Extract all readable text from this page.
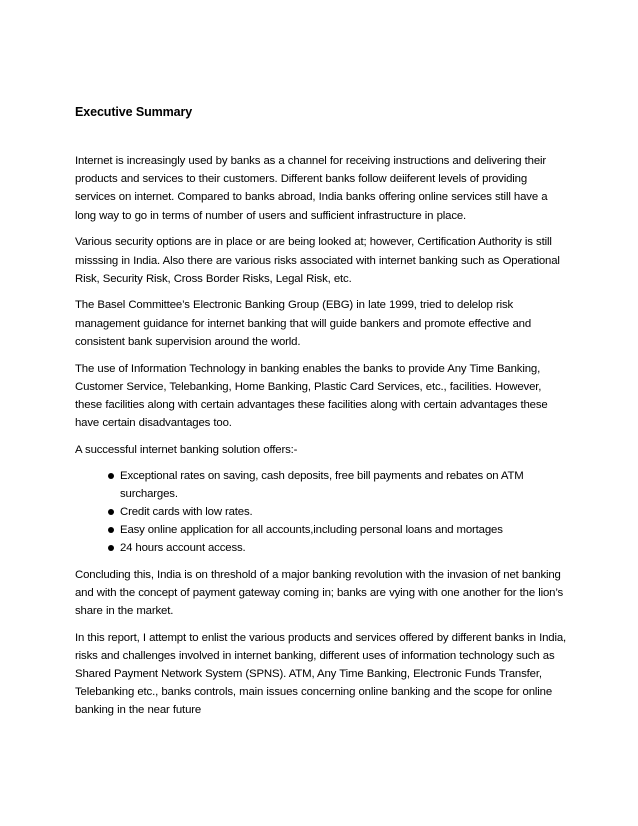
Executive Summary

Internet is increasingly used by banks as a channel for receiving instructions and delivering their products and services to their customers. Different banks follow deiiferent levels of providing services on internet. Compared to banks abroad, India banks offering online services still have a long way to go in terms of number of users and sufficient infrastructure in place.

Various security options are in place or are being looked at; however, Certification Authority is still misssing in India. Also there are various risks associated with internet banking such as Operational Risk, Security Risk, Cross Border Risks, Legal Risk, etc.

The Basel Committee’s Electronic Banking Group (EBG) in late 1999, tried to delelop risk management guidance for internet banking that will guide bankers and promote effective and consistent bank supervision around the world.

The use of Information Technology in banking enables the banks to provide Any Time Banking, Customer Service, Telebanking, Home Banking, Plastic Card Services, etc., facilities. However, these facilities along with certain advantages these facilities along with certain advantages these have certain disadvantages too.

A successful internet banking solution offers:-

Exceptional rates on saving, cash deposits, free bill payments and rebates on ATM surcharges.
Credit cards with low rates.
Easy online application for all accounts,including personal loans and mortages
24 hours account access.

Concluding this, India is on threshold of a major banking revolution with the invasion of net banking and with the concept of payment gateway coming in; banks are vying with one another for the lion’s share in the market.

In this report, I attempt to enlist the various products and services offered by different banks in India, risks and challenges involved in internet banking, different uses of information technology such as Shared Payment Network System (SPNS). ATM, Any Time Banking, Electronic Funds Transfer, Telebanking etc., banks controls, main issues concerning online banking and the scope for online banking in the near future
